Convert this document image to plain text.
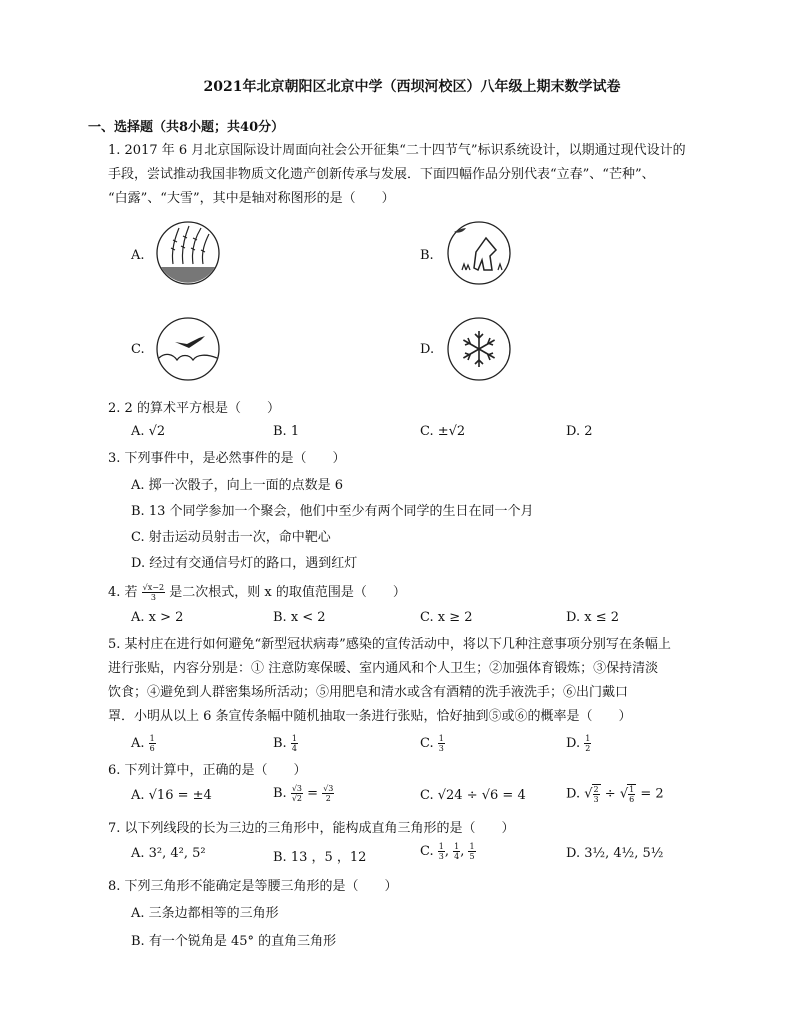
2021年北京朝阳区北京中学（西坝河校区）八年级上期末数学试卷
一、选择题（共8小题；共40分）
1. 2017 年 6 月北京国际设计周面向社会公开征集“二十四节气”标识系统设计，以期通过现代设计的
手段，尝试推动我国非物质文化遗产创新传承与发展．下面四幅作品分别代表“立春”、“芒种”、
“白露”、“大雪”，其中是轴对称图形的是（　　）
A.	B.
C.	D.
2. 2 的算术平方根是（　　）
A. √2	B. 1	C. ±√2	D. 2
3. 下列事件中，是必然事件的是（　　）
A. 掷一次骰子，向上一面的点数是 6
B. 13 个同学参加一个聚会，他们中至少有两个同学的生日在同一个月
C. 射击运动员射击一次，命中靶心
D. 经过有交通信号灯的路口，遇到红灯
4. 若 $\frac{√x-2}{3}$ 是二次根式，则 x 的取值范围是（　　）
A. x > 2	B. x < 2	C. x ≥ 2	D. x ≤ 2
5. 某村庄在进行如何避免“新型冠状病毒”感染的宣传活动中，将以下几种注意事项分别写在条幅上
进行张贴，内容分别是：① 注意防寒保暖、室内通风和个人卫生；②加强体育锻炼；③保持清淡
饮食；④避免到人群密集场所活动；⑤用肥皂和清水或含有酒精的洗手液洗手；⑥出门戴口
罩．小明从以上 6 条宣传条幅中随机抽取一条进行张贴，恰好抽到⑤或⑥的概率是（　　）
A. $\frac{1}{6}$	B. $\frac{1}{4}$	C. $\frac{1}{3}$	D. $\frac{1}{2}$
6. 下列计算中，正确的是（　　）
A. √16 = ±4	B. $\frac{√3}{√2} = \frac{√3}{2}$	C. √24 ÷ √6 = 4	D. √ $\frac{2}{3}$ ÷ √ $\frac{1}{6} = 2$
7. 以下列线段的长为三边的三角形中，能构成直角三角形的是（　　）
A. 3², 4², 5²	B. 13 ，5 ，12	C. $\frac{1}{3}$ , $\frac{1}{4}$ , $\frac{1}{5}$	D. 3½, 4½, 5½
8. 下列三角形不能确定是等腰三角形的是（　　）
A. 三条边都相等的三角形
B. 有一个锐角是 45° 的直角三角形
